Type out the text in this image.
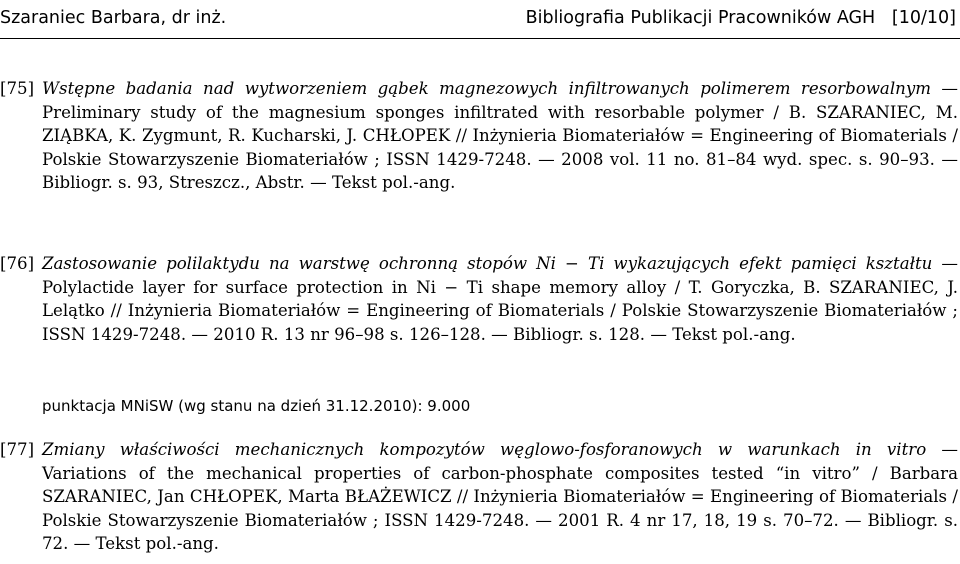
Szaraniec Barbara, dr inż.	Bibliografia Publikacji Pracowników AGH [10/10]
[75] Wstępne badania nad wytworzeniem gąbek magnezowych infiltrowanych polimerem resorbowalnym — Preliminary study of the magnesium sponges infiltrated with resorbable polymer / B. SZARANIEC, M. ZIĄBKA, K. Zygmunt, R. Kucharski, J. CHŁOPEK // Inżynieria Biomateriałów = Engineering of Biomaterials / Polskie Stowarzyszenie Biomateriałów ; ISSN 1429-7248. — 2008 vol. 11 no. 81–84 wyd. spec. s. 90–93. — Bibliogr. s. 93, Streszcz., Abstr. — Tekst pol.-ang.
[76] Zastosowanie polilaktydu na warstwę ochronną stopów Ni − Ti wykazujących efekt pamięci kształtu — Polylactide layer for surface protection in Ni − Ti shape memory alloy / T. Goryczka, B. SZARANIEC, J. Lelątko // Inżynieria Biomateriałów = Engineering of Biomaterials / Polskie Stowarzyszenie Biomateriałów ; ISSN 1429-7248. — 2010 R. 13 nr 96–98 s. 126–128. — Bibliogr. s. 128. — Tekst pol.-ang.
punktacja MNiSW (wg stanu na dzień 31.12.2010): 9.000
[77] Zmiany właściwości mechanicznych kompozytów węglowo-fosforanowych w warunkach in vitro — Variations of the mechanical properties of carbon-phosphate composites tested “in vitro” / Barbara SZARANIEC, Jan CHŁOPEK, Marta BŁAŻEWICZ // Inżynieria Biomateriałów = Engineering of Biomaterials / Polskie Stowarzyszenie Biomateriałów ; ISSN 1429-7248. — 2001 R. 4 nr 17, 18, 19 s. 70–72. — Bibliogr. s. 72. — Tekst pol.-ang.
